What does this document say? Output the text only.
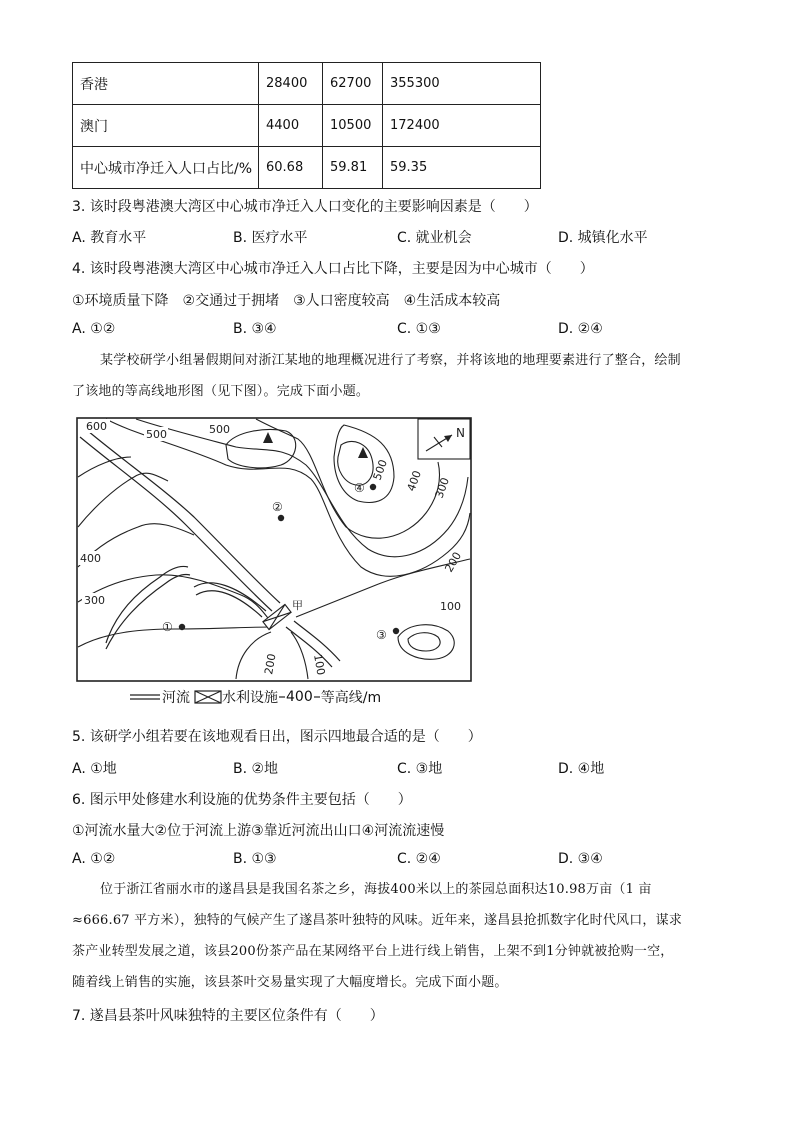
香港	28400	62700	355300
澳门	4400	10500	172400
中心城市净迁入人口占比/%	60.68	59.81	59.35
3. 该时段粤港澳大湾区中心城市净迁入人口变化的主要影响因素是（　　）
A. 教育水平	B. 医疗水平	C. 就业机会	D. 城镇化水平
4. 该时段粤港澳大湾区中心城市净迁入人口占比下降，主要是因为中心城市（　　）
①环境质量下降　②交通过于拥堵　③人口密度较高　④生活成本较高
A. ①②	B. ③④	C. ①③	D. ②④
某学校研学小组暑假期间对浙江某地的地理概况进行了考察，并将该地的地理要素进行了整合，绘制
了该地的等高线地形图（见下图）。完成下面小题。
N
甲
①
②
③
④
600
500	500
500 400 300
400
300
200
100
200	100
河流 水利设施 400 等高线/m
5. 该研学小组若要在该地观看日出，图示四地最合适的是（　　）
A. ①地	B. ②地	C. ③地	D. ④地
6. 图示甲处修建水利设施的优势条件主要包括（　　）
①河流水量大②位于河流上游③靠近河流出山口④河流流速慢
A. ①②	B. ①③	C. ②④	D. ③④
位于浙江省丽水市的遂昌县是我国名茶之乡，海拔400米以上的茶园总面积达10.98万亩（1 亩
≈666.67 平方米），独特的气候产生了遂昌茶叶独特的风味。近年来，遂昌县抢抓数字化时代风口，谋求
茶产业转型发展之道，该县200份茶产品在某网络平台上进行线上销售，上架不到1分钟就被抢购一空，
随着线上销售的实施，该县茶叶交易量实现了大幅度增长。完成下面小题。
7. 遂昌县茶叶风味独特的主要区位条件有（　　）
